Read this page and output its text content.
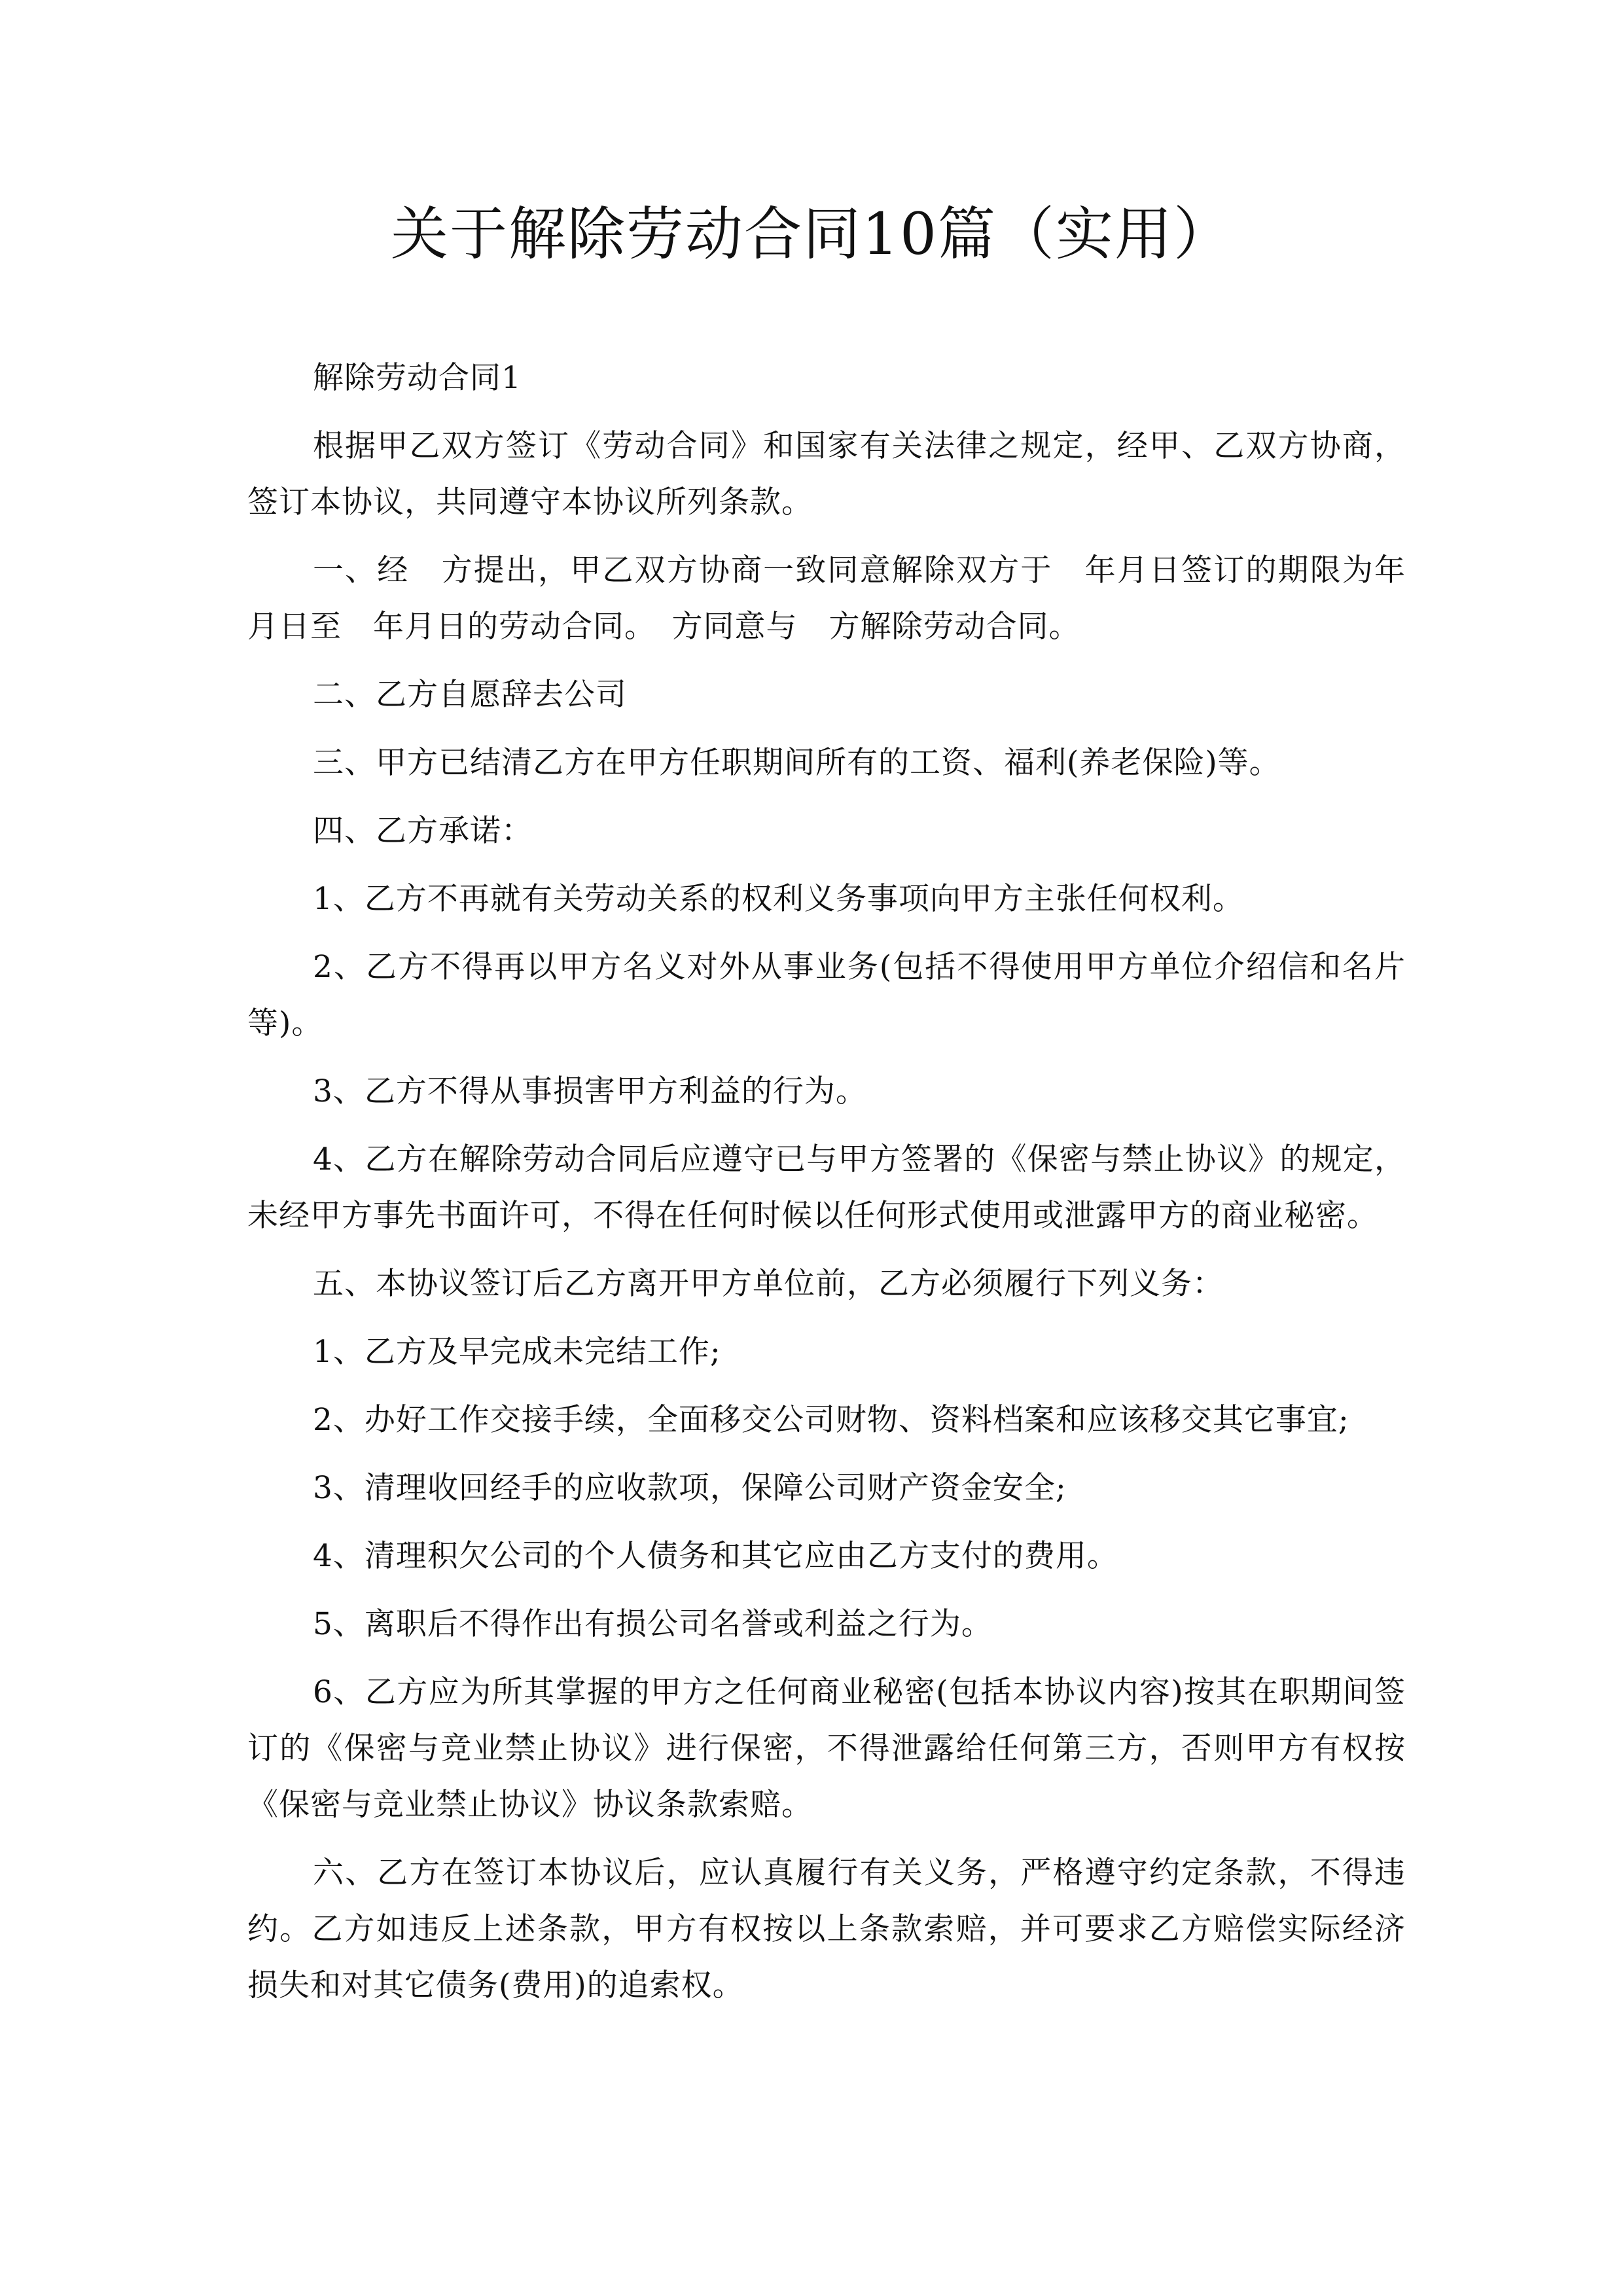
关于解除劳动合同10篇（实用）

解除劳动合同1

根据甲乙双方签订《劳动合同》和国家有关法律之规定，经甲、乙双方协商，签订本协议，共同遵守本协议所列条款。

一、经　方提出，甲乙双方协商一致同意解除双方于　年月日签订的期限为年月日至　年月日的劳动合同。　方同意与　方解除劳动合同。

二、乙方自愿辞去公司

三、甲方已结清乙方在甲方任职期间所有的工资、福利(养老保险)等。

四、乙方承诺：

1、乙方不再就有关劳动关系的权利义务事项向甲方主张任何权利。

2、乙方不得再以甲方名义对外从事业务(包括不得使用甲方单位介绍信和名片等)。

3、乙方不得从事损害甲方利益的行为。

4、乙方在解除劳动合同后应遵守已与甲方签署的《保密与禁止协议》的规定，未经甲方事先书面许可，不得在任何时候以任何形式使用或泄露甲方的商业秘密。

五、本协议签订后乙方离开甲方单位前，乙方必须履行下列义务：

1、乙方及早完成未完结工作;

2、办好工作交接手续，全面移交公司财物、资料档案和应该移交其它事宜;

3、清理收回经手的应收款项，保障公司财产资金安全;

4、清理积欠公司的个人债务和其它应由乙方支付的费用。

5、离职后不得作出有损公司名誉或利益之行为。

6、乙方应为所其掌握的甲方之任何商业秘密(包括本协议内容)按其在职期间签订的《保密与竞业禁止协议》进行保密，不得泄露给任何第三方，否则甲方有权按《保密与竞业禁止协议》协议条款索赔。

六、乙方在签订本协议后，应认真履行有关义务，严格遵守约定条款，不得违约。乙方如违反上述条款，甲方有权按以上条款索赔，并可要求乙方赔偿实际经济损失和对其它债务(费用)的追索权。
